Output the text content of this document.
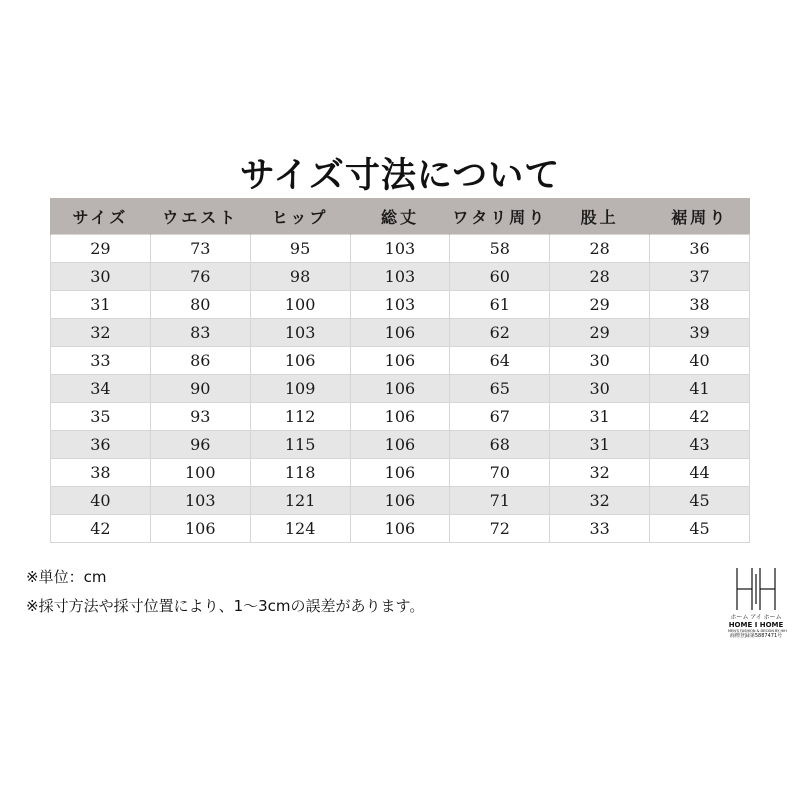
サイズ寸法について
サイズ	ウエスト	ヒップ	総丈	ワタリ周り	股上	裾周り
29	73	95	103	58	28	36
30	76	98	103	60	28	37
31	80	100	103	61	29	38
32	83	103	106	62	29	39
33	86	106	106	64	30	40
34	90	109	106	65	30	41
35	93	112	106	67	31	42
36	96	115	106	68	31	43
38	100	118	106	70	32	44
40	103	121	106	71	32	45
42	106	124	106	72	33	45
※単位：cm
※採寸方法や採寸位置により、1～3cmの誤差があります。
ホーム アイ ホーム
HOME I HOME
MEN'S FASHION & DESIGN BY HIH
商標登録第5887471号
